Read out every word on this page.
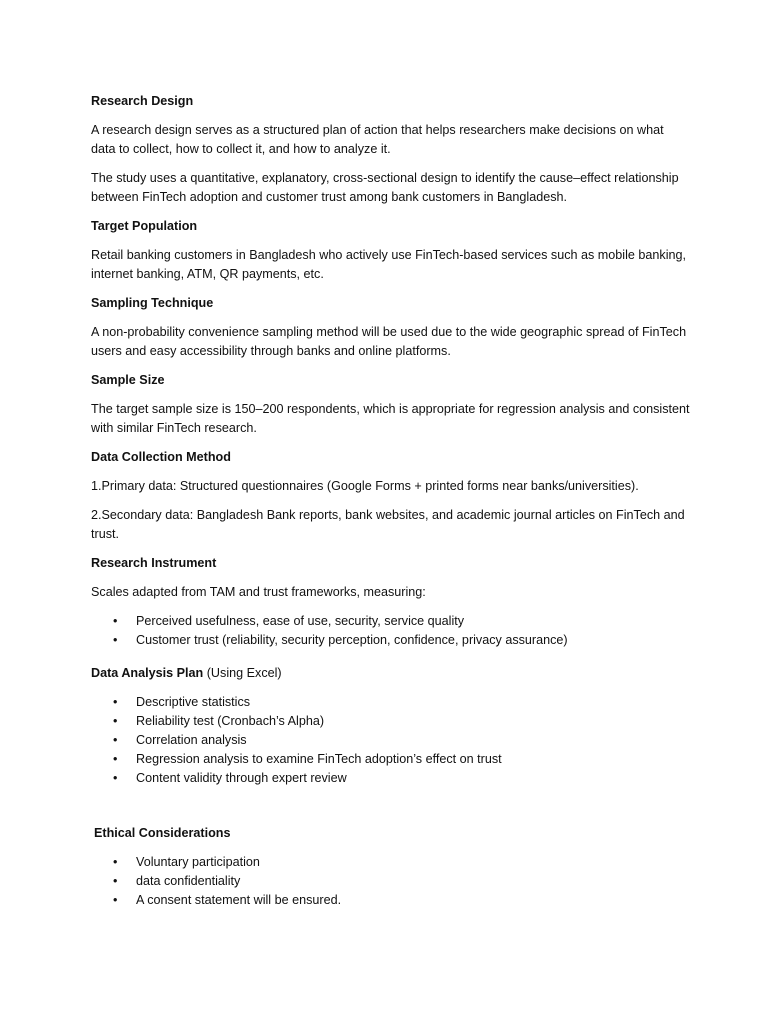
Research Design
A research design serves as a structured plan of action that helps researchers make decisions on what data to collect, how to collect it, and how to analyze it.
The study uses a quantitative, explanatory, cross-sectional design to identify the cause–effect relationship between FinTech adoption and customer trust among bank customers in Bangladesh.
Target Population
Retail banking customers in Bangladesh who actively use FinTech-based services such as mobile banking, internet banking, ATM, QR payments, etc.
Sampling Technique
A non-probability convenience sampling method will be used due to the wide geographic spread of FinTech users and easy accessibility through banks and online platforms.
Sample Size
The target sample size is 150–200 respondents, which is appropriate for regression analysis and consistent with similar FinTech research.
Data Collection Method
1.Primary data: Structured questionnaires (Google Forms + printed forms near banks/universities).
2.Secondary data: Bangladesh Bank reports, bank websites, and academic journal articles on FinTech and trust.
Research Instrument
Scales adapted from TAM and trust frameworks, measuring:
• Perceived usefulness, ease of use, security, service quality
• Customer trust (reliability, security perception, confidence, privacy assurance)
Data Analysis Plan (Using Excel)
• Descriptive statistics
• Reliability test (Cronbach’s Alpha)
• Correlation analysis
• Regression analysis to examine FinTech adoption’s effect on trust
• Content validity through expert review
Ethical Considerations
• Voluntary participation
• data confidentiality
• A consent statement will be ensured.
